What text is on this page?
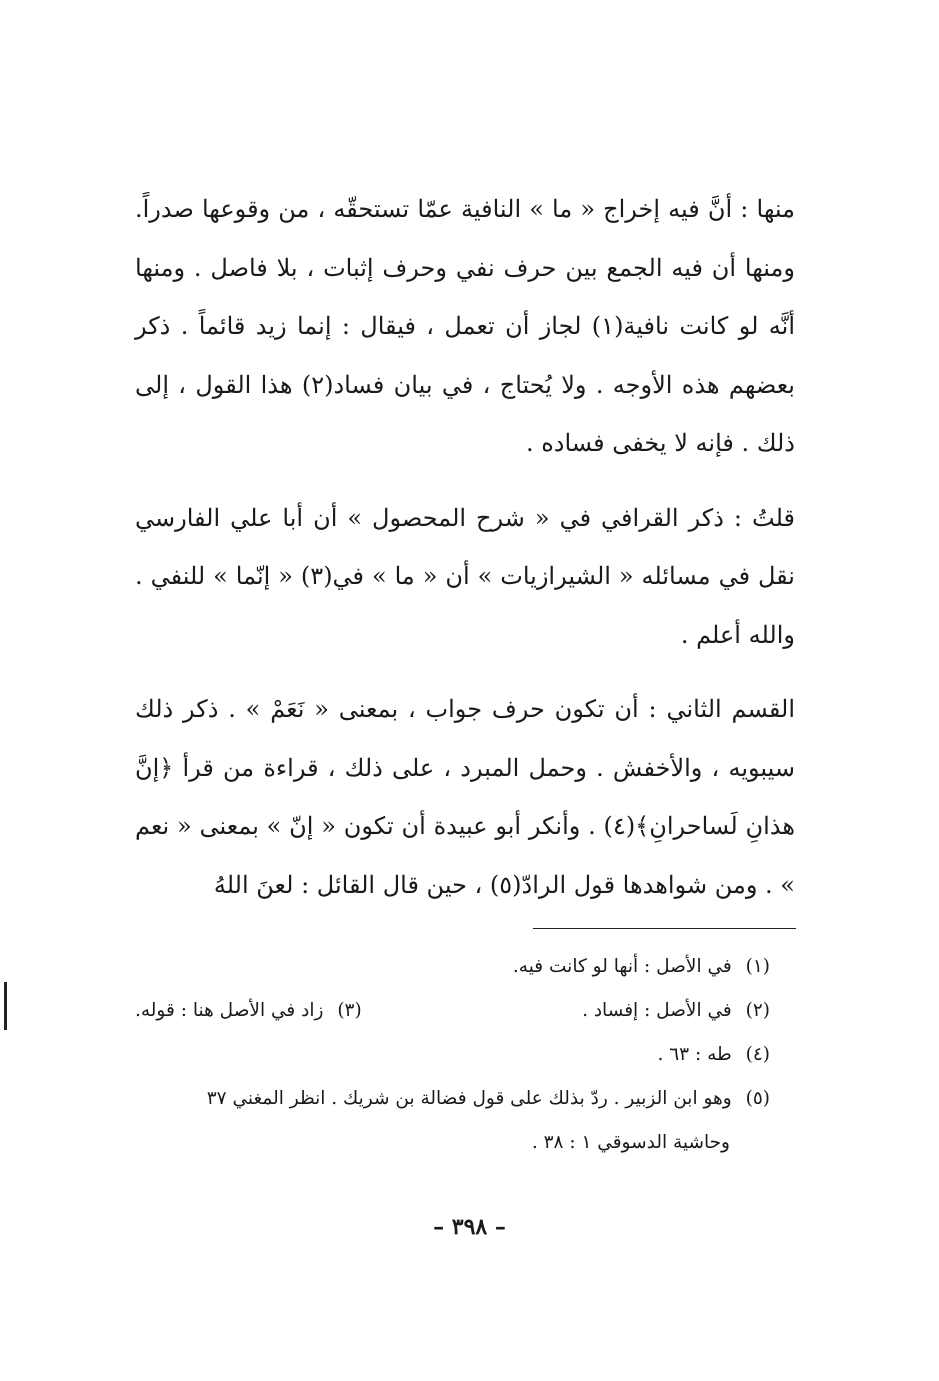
منها : أنَّ فيه إخراج « ما » النافية عمّا تستحقّه ، من وقوعها صدراً. ومنها أن فيه الجمع بين حرف نفي وحرف إثبات ، بلا فاصل . ومنها أنَّه لو كانت نافية(١) لجاز أن تعمل ، فيقال : إنما زيد قائماً . ذكر بعضهم هذه الأوجه . ولا يُحتاج ، في بيان فساد(٢) هذا القول ، إلى ذلك . فإنه لا يخفى فساده .

قلتُ : ذكر القرافي في « شرح المحصول » أن أبا علي الفارسي نقل في مسائله « الشيرازيات » أن « ما » في(٣) « إنّما » للنفي . والله أعلم .

القسم الثاني : أن تكون حرف جواب ، بمعنى « نَعَمْ » . ذكر ذلك سيبويه ، والأخفش . وحمل المبرد ، على ذلك ، قراءة من قرأ ﴿إنَّ هذانِ لَساحرانِ﴾(٤) . وأنكر أبو عبيدة أن تكون « إنّ » بمعنى « نعم » . ومن شواهدها قول الرادّ(٥) ، حين قال القائل : لعنَ اللهُ

(١) في الأصل : أنها لو كانت فيه.
(٢) في الأصل : إفساد .
(٣) زاد في الأصل هنا : قوله.
(٤) طه : ٦٣ .
(٥) وهو ابن الزبير . ردّ بذلك على قول فضالة بن شريك . انظر المغني ٣٧
وحاشية الدسوقي ١ : ٣٨ .
– ٣٩٨ –
